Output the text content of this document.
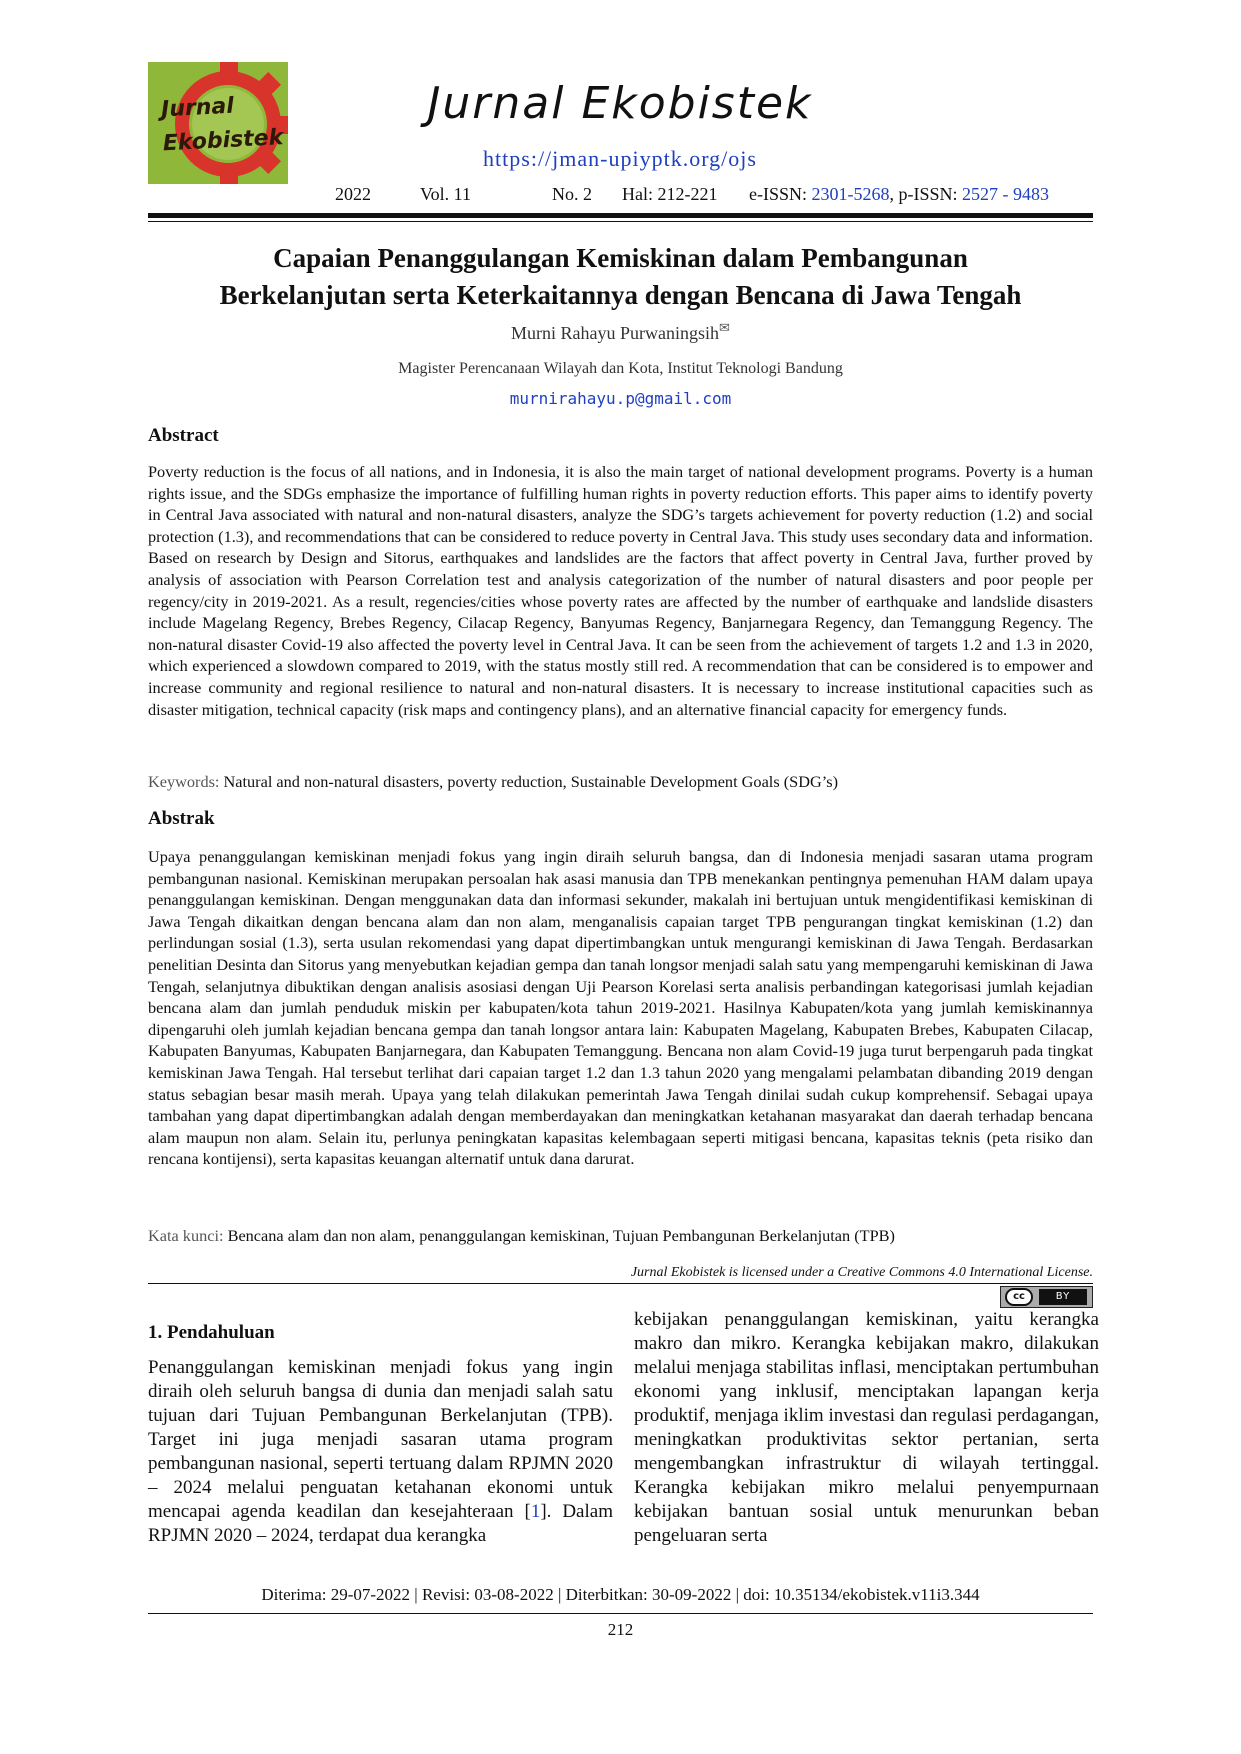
Jurnal
Ekobistek
Jurnal Ekobistek
https://jman-upiyptk.org/ojs
2022	Vol. 11	No. 2 Hal: 212-221 e-ISSN: 2301-5268, p-ISSN: 2527 - 9483
Capaian Penanggulangan Kemiskinan dalam Pembangunan
Berkelanjutan serta Keterkaitannya dengan Bencana di Jawa Tengah
Murni Rahayu Purwaningsih✉
Magister Perencanaan Wilayah dan Kota, Institut Teknologi Bandung
murnirahayu.p@gmail.com
Abstract

Poverty reduction is the focus of all nations, and in Indonesia, it is also the main target of national development programs. Poverty is a human rights issue, and the SDGs emphasize the importance of fulfilling human rights in poverty reduction efforts. This paper aims to identify poverty in Central Java associated with natural and non-natural disasters, analyze the SDG’s targets achievement for poverty reduction (1.2) and social protection (1.3), and recommendations that can be considered to reduce poverty in Central Java. This study uses secondary data and information. Based on research by Design and Sitorus, earthquakes and landslides are the factors that affect poverty in Central Java, further proved by analysis of association with Pearson Correlation test and analysis categorization of the number of natural disasters and poor people per regency/city in 2019-2021. As a result, regencies/cities whose poverty rates are affected by the number of earthquake and landslide disasters include Magelang Regency, Brebes Regency, Cilacap Regency, Banyumas Regency, Banjarnegara Regency, dan Temanggung Regency. The non-natural disaster Covid-19 also affected the poverty level in Central Java. It can be seen from the achievement of targets 1.2 and 1.3 in 2020, which experienced a slowdown compared to 2019, with the status mostly still red. A recommendation that can be considered is to empower and increase community and regional resilience to natural and non-natural disasters. It is necessary to increase institutional capacities such as disaster mitigation, technical capacity (risk maps and contingency plans), and an alternative financial capacity for emergency funds.

Keywords: Natural and non-natural disasters, poverty reduction, Sustainable Development Goals (SDG’s)
Abstrak

Upaya penanggulangan kemiskinan menjadi fokus yang ingin diraih seluruh bangsa, dan di Indonesia menjadi sasaran utama program pembangunan nasional. Kemiskinan merupakan persoalan hak asasi manusia dan TPB menekankan pentingnya pemenuhan HAM dalam upaya penanggulangan kemiskinan. Dengan menggunakan data dan informasi sekunder, makalah ini bertujuan untuk mengidentifikasi kemiskinan di Jawa Tengah dikaitkan dengan bencana alam dan non alam, menganalisis capaian target TPB pengurangan tingkat kemiskinan (1.2) dan perlindungan sosial (1.3), serta usulan rekomendasi yang dapat dipertimbangkan untuk mengurangi kemiskinan di Jawa Tengah. Berdasarkan penelitian Desinta dan Sitorus yang menyebutkan kejadian gempa dan tanah longsor menjadi salah satu yang mempengaruhi kemiskinan di Jawa Tengah, selanjutnya dibuktikan dengan analisis asosiasi dengan Uji Pearson Korelasi serta analisis perbandingan kategorisasi jumlah kejadian bencana alam dan jumlah penduduk miskin per kabupaten/kota tahun 2019-2021. Hasilnya Kabupaten/kota yang jumlah kemiskinannya dipengaruhi oleh jumlah kejadian bencana gempa dan tanah longsor antara lain: Kabupaten Magelang, Kabupaten Brebes, Kabupaten Cilacap, Kabupaten Banyumas, Kabupaten Banjarnegara, dan Kabupaten Temanggung. Bencana non alam Covid-19 juga turut berpengaruh pada tingkat kemiskinan Jawa Tengah. Hal tersebut terlihat dari capaian target 1.2 dan 1.3 tahun 2020 yang mengalami pelambatan dibanding 2019 dengan status sebagian besar masih merah. Upaya yang telah dilakukan pemerintah Jawa Tengah dinilai sudah cukup komprehensif. Sebagai upaya tambahan yang dapat dipertimbangkan adalah dengan memberdayakan dan meningkatkan ketahanan masyarakat dan daerah terhadap bencana alam maupun non alam. Selain itu, perlunya peningkatan kapasitas kelembagaan seperti mitigasi bencana, kapasitas teknis (peta risiko dan rencana kontijensi), serta kapasitas keuangan alternatif untuk dana darurat.

Kata kunci: Bencana alam dan non alam, penanggulangan kemiskinan, Tujuan Pembangunan Berkelanjutan (TPB)
Jurnal Ekobistek is licensed under a Creative Commons 4.0 International License.
cc	BY
1. Pendahuluan

Penanggulangan kemiskinan menjadi fokus yang ingin diraih oleh seluruh bangsa di dunia dan menjadi salah satu tujuan dari Tujuan Pembangunan Berkelanjutan (TPB). Target ini juga menjadi sasaran utama program pembangunan nasional, seperti tertuang dalam RPJMN 2020 – 2024 melalui penguatan ketahanan ekonomi untuk mencapai agenda keadilan dan kesejahteraan [1]. Dalam RPJMN 2020 – 2024, terdapat dua kerangka

kebijakan penanggulangan kemiskinan, yaitu kerangka makro dan mikro. Kerangka kebijakan makro, dilakukan melalui menjaga stabilitas inflasi, menciptakan pertumbuhan ekonomi yang inklusif, menciptakan lapangan kerja produktif, menjaga iklim investasi dan regulasi perdagangan, meningkatkan produktivitas sektor pertanian, serta mengembangkan infrastruktur di wilayah tertinggal. Kerangka kebijakan mikro melalui penyempurnaan kebijakan bantuan sosial untuk menurunkan beban pengeluaran serta

Diterima: 29-07-2022 | Revisi: 03-08-2022 | Diterbitkan: 30-09-2022 | doi: 10.35134/ekobistek.v11i3.344
212
